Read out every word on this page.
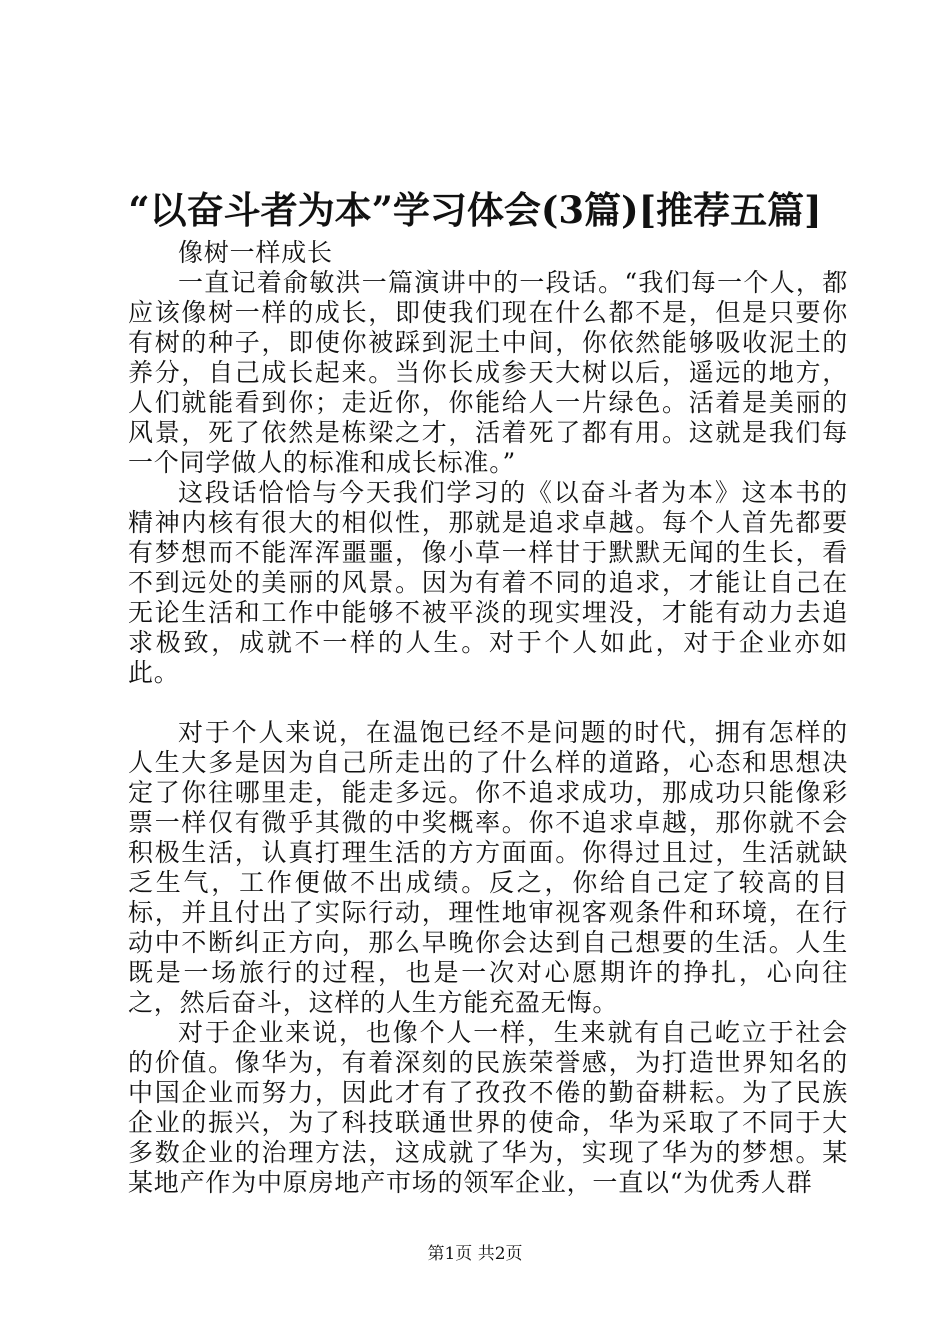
“以奋斗者为本”学习体会(3篇)[推荐五篇]

像树一样成长

一直记着俞敏洪一篇演讲中的一段话。“我们每一个人，都应该像树一样的成长，即使我们现在什么都不是，但是只要你有树的种子，即使你被踩到泥土中间，你依然能够吸收泥土的养分，自己成长起来。当你长成参天大树以后，遥远的地方，人们就能看到你；走近你，你能给人一片绿色。活着是美丽的风景，死了依然是栋梁之才，活着死了都有用。这就是我们每一个同学做人的标准和成长标准。”

这段话恰恰与今天我们学习的《以奋斗者为本》这本书的精神内核有很大的相似性，那就是追求卓越。每个人首先都要有梦想而不能浑浑噩噩，像小草一样甘于默默无闻的生长，看不到远处的美丽的风景。因为有着不同的追求，才能让自己在无论生活和工作中能够不被平淡的现实埋没，才能有动力去追求极致，成就不一样的人生。对于个人如此，对于企业亦如此。

对于个人来说，在温饱已经不是问题的时代，拥有怎样的人生大多是因为自己所走出的了什么样的道路，心态和思想决定了你往哪里走，能走多远。你不追求成功，那成功只能像彩票一样仅有微乎其微的中奖概率。你不追求卓越，那你就不会积极生活，认真打理生活的方方面面。你得过且过，生活就缺乏生气，工作便做不出成绩。反之，你给自己定了较高的目标，并且付出了实际行动，理性地审视客观条件和环境，在行动中不断纠正方向，那么早晚你会达到自己想要的生活。人生既是一场旅行的过程，也是一次对心愿期许的挣扎，心向往之，然后奋斗，这样的人生方能充盈无悔。

对于企业来说，也像个人一样，生来就有自己屹立于社会的价值。像华为，有着深刻的民族荣誉感，为打造世界知名的中国企业而努力，因此才有了孜孜不倦的勤奋耕耘。为了民族企业的振兴，为了科技联通世界的使命，华为采取了不同于大多数企业的治理方法，这成就了华为，实现了华为的梦想。某某地产作为中原房地产市场的领军企业，一直以“为优秀人群

第1页 共2页
